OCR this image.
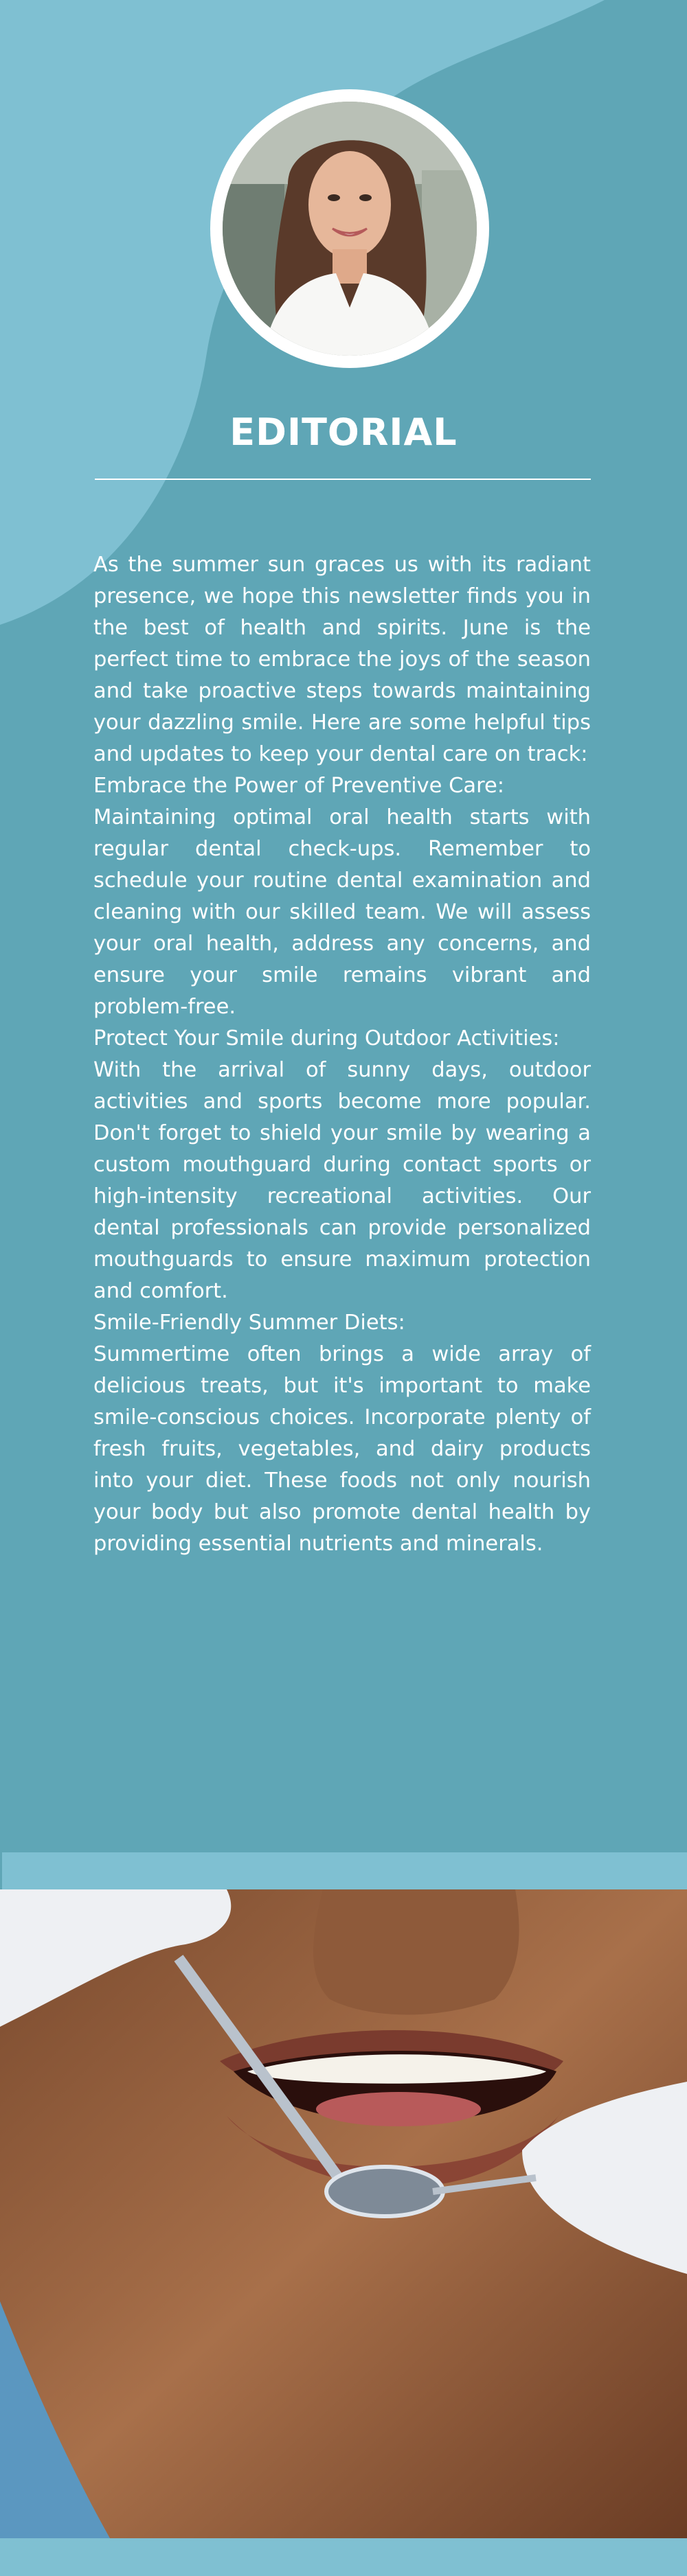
EDITORIAL

As the summer sun graces us with its radiant presence, we hope this newsletter finds you in the best of health and spirits. June is the perfect time to embrace the joys of the season and take proactive steps towards maintaining your dazzling smile. Here are some helpful tips and updates to keep your dental care on track:

Embrace the Power of Preventive Care:

Maintaining optimal oral health starts with regular dental check-ups. Remember to schedule your routine dental examination and cleaning with our skilled team. We will assess your oral health, address any concerns, and ensure your smile remains vibrant and problem-free.

Protect Your Smile during Outdoor Activities:

With the arrival of sunny days, outdoor activities and sports become more popular. Don't forget to shield your smile by wearing a custom mouthguard during contact sports or high-intensity recreational activities. Our dental professionals can provide personalized mouthguards to ensure maximum protection and comfort.

Smile-Friendly Summer Diets:

Summertime often brings a wide array of delicious treats, but it's important to make smile-conscious choices. Incorporate plenty of fresh fruits, vegetables, and dairy products into your diet. These foods not only nourish your body but also promote dental health by providing essential nutrients and minerals.
